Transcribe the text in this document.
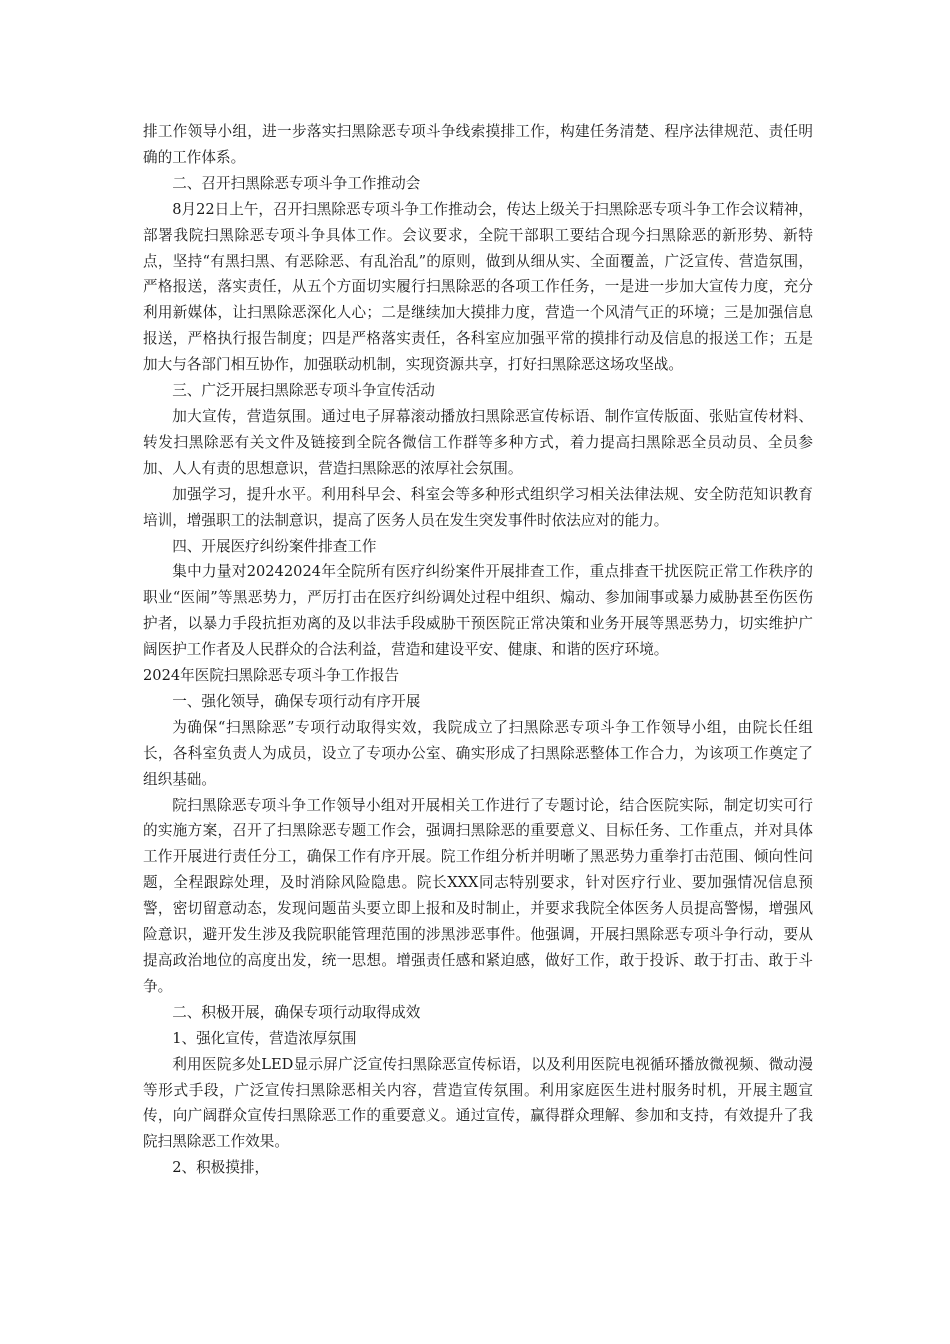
排工作领导小组，进一步落实扫黑除恶专项斗争线索摸排工作，构建任务清楚、程序法律规范、责任明确的工作体系。

二、召开扫黑除恶专项斗争工作推动会

8月22日上午，召开扫黑除恶专项斗争工作推动会，传达上级关于扫黑除恶专项斗争工作会议精神，部署我院扫黑除恶专项斗争具体工作。会议要求，全院干部职工要结合现今扫黑除恶的新形势、新特点，坚持“有黑扫黑、有恶除恶、有乱治乱”的原则，做到从细从实、全面覆盖，广泛宣传、营造氛围，严格报送，落实责任，从五个方面切实履行扫黑除恶的各项工作任务，一是进一步加大宣传力度，充分利用新媒体，让扫黑除恶深化人心；二是继续加大摸排力度，营造一个风清气正的环境；三是加强信息报送，严格执行报告制度；四是严格落实责任，各科室应加强平常的摸排行动及信息的报送工作；五是加大与各部门相互协作，加强联动机制，实现资源共享，打好扫黑除恶这场攻坚战。

三、广泛开展扫黑除恶专项斗争宣传活动

加大宣传，营造氛围。通过电子屏幕滚动播放扫黑除恶宣传标语、制作宣传版面、张贴宣传材料、转发扫黑除恶有关文件及链接到全院各微信工作群等多种方式，着力提高扫黑除恶全员动员、全员参加、人人有责的思想意识，营造扫黑除恶的浓厚社会氛围。

加强学习，提升水平。利用科早会、科室会等多种形式组织学习相关法律法规、安全防范知识教育培训，增强职工的法制意识，提高了医务人员在发生突发事件时依法应对的能力。

四、开展医疗纠纷案件排查工作

集中力量对20242024年全院所有医疗纠纷案件开展排查工作，重点排查干扰医院正常工作秩序的职业“医闹”等黑恶势力，严厉打击在医疗纠纷调处过程中组织、煽动、参加闹事或暴力威胁甚至伤医伤护者，以暴力手段抗拒劝离的及以非法手段威胁干预医院正常决策和业务开展等黑恶势力，切实维护广阔医护工作者及人民群众的合法利益，营造和建设平安、健康、和谐的医疗环境。

2024年医院扫黑除恶专项斗争工作报告

一、强化领导，确保专项行动有序开展

为确保“扫黑除恶”专项行动取得实效，我院成立了扫黑除恶专项斗争工作领导小组，由院长任组长，各科室负责人为成员，设立了专项办公室、确实形成了扫黑除恶整体工作合力，为该项工作奠定了组织基础。

院扫黑除恶专项斗争工作领导小组对开展相关工作进行了专题讨论，结合医院实际，制定切实可行的实施方案，召开了扫黑除恶专题工作会，强调扫黑除恶的重要意义、目标任务、工作重点，并对具体工作开展进行责任分工，确保工作有序开展。院工作组分析并明晰了黑恶势力重拳打击范围、倾向性问题，全程跟踪处理，及时消除风险隐患。院长XXX同志特别要求，针对医疗行业、要加强情况信息预警，密切留意动态，发现问题苗头要立即上报和及时制止，并要求我院全体医务人员提高警惕，增强风险意识，避开发生涉及我院职能管理范围的涉黑涉恶事件。他强调，开展扫黑除恶专项斗争行动，要从提高政治地位的高度出发，统一思想。增强责任感和紧迫感，做好工作，敢于投诉、敢于打击、敢于斗争。

二、积极开展，确保专项行动取得成效

1、强化宣传，营造浓厚氛围

利用医院多处LED显示屏广泛宣传扫黑除恶宣传标语，以及利用医院电视循环播放微视频、微动漫等形式手段，广泛宣传扫黑除恶相关内容，营造宣传氛围。利用家庭医生进村服务时机，开展主题宣传，向广阔群众宣传扫黑除恶工作的重要意义。通过宣传，赢得群众理解、参加和支持，有效提升了我院扫黑除恶工作效果。

2、积极摸排，
